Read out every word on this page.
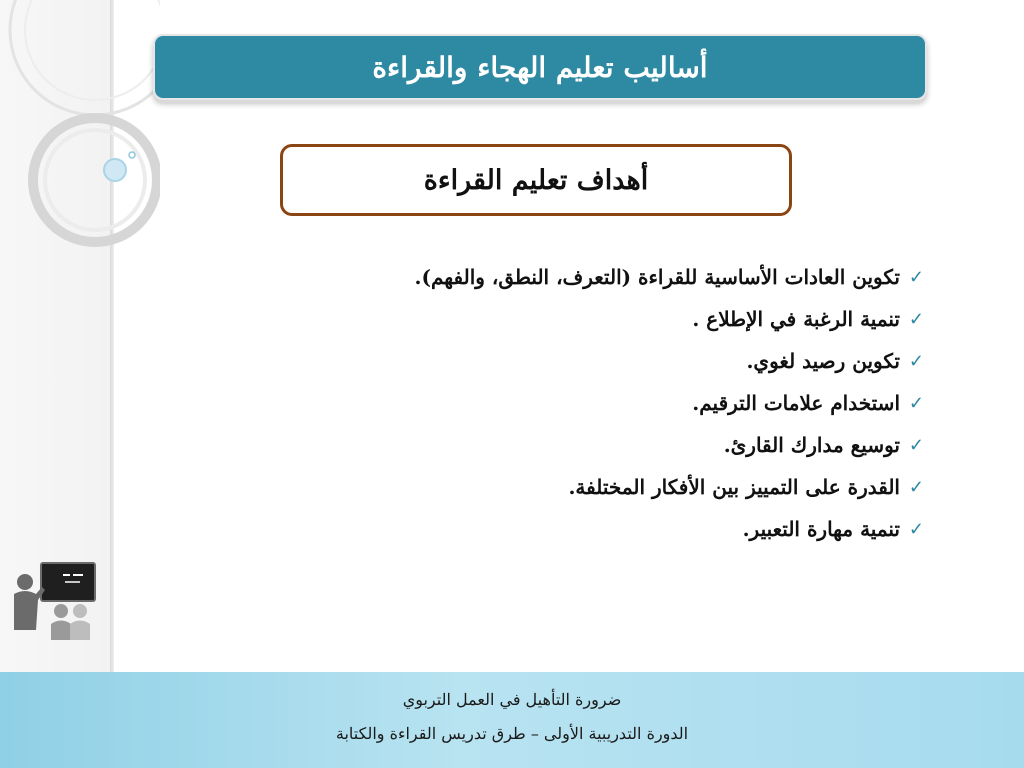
أساليب تعليم الهجاء والقراءة
أهداف تعليم القراءة
✓
تكوين العادات الأساسية للقراءة (التعرف، النطق، والفهم).
✓
تنمية الرغبة في الإطلاع .
✓
تكوين رصيد لغوي.
✓
استخدام علامات الترقيم.
✓
توسيع مدارك القارئ.
✓
القدرة على التمييز بين الأفكار المختلفة.
✓
تنمية مهارة التعبير.
ضرورة التأهيل في العمل التربوي
الدورة التدريبية الأولى – طرق تدريس القراءة والكتابة
